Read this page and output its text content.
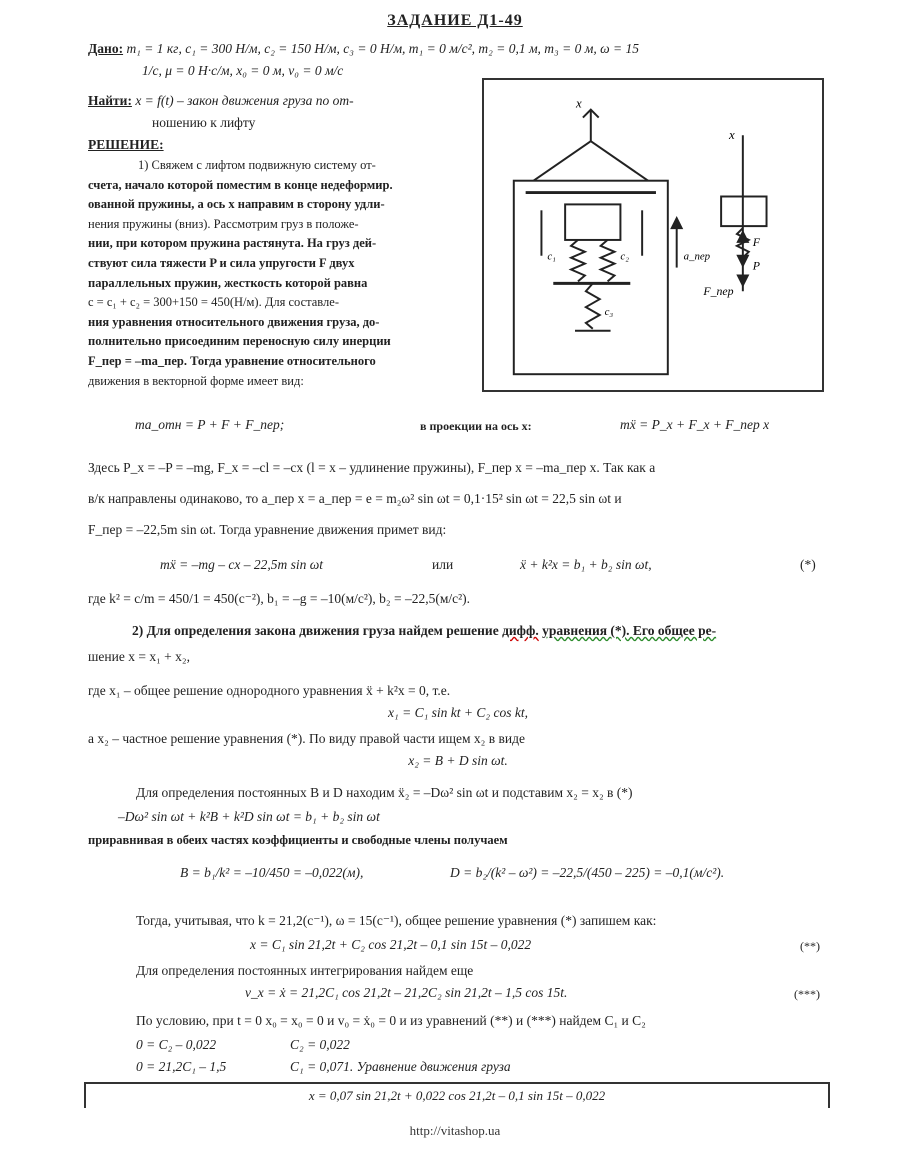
ЗАДАНИЕ Д1-49
Дано: m₁ = 1 кг, c₁ = 300 Н/м, c₂ = 150 Н/м, c₃ = 0 Н/м, m₁ = 0 м/с², m₂ = 0,1 м, m₃ = 0 м, ω = 15
1/с, μ = 0 Н·с/м, x₀ = 0 м, v₀ = 0 м/с
Найти: x = f(t) – закон движения груза по от-
ношению к лифту
РЕШЕНИЕ:
1) Свяжем с лифтом подвижную систему от-
счета, начало которой поместим в конце недеформир.
ованной пружины, а ось x направим в сторону удли-
нения пружины (вниз). Рассмотрим груз в положе-
нии, при котором пружина растянута. На груз дей-
ствуют сила тяжести P и сила упругости F двух
параллельных пружин, жесткость которой равна
c = c₁ + c₂ = 300+150 = 450(Н/м). Для составле-
ния уравнения относительного движения груза, до-
полнительно присоединим переносную силу инерции
F_пер = –ma_пер. Тогда уравнение относительного
движения в векторной форме имеет вид:
x
x
c₁	c₂
c₃
a_пер
F
P
F_пер
ma_отн = P + F + F_пер;	в проекции на ось x:	mẍ = P_x + F_x + F_пер x
Здесь P_x = –P = –mg, F_x = –cl = –cx (l = x – удлинение пружины), F_пер x = –ma_пер x. Так как а
в/к направлены одинаково, то a_пер x = a_пер = e = m₂ω² sin ωt = 0,1·15² sin ωt = 22,5 sin ωt и
F_пер = –22,5m sin ωt. Тогда уравнение движения примет вид:
mẍ = –mg – cx – 22,5m sin ωt	или	ẍ + k²x = b₁ + b₂ sin ωt,	(*)
где k² = c/m = 450/1 = 450(с⁻²), b₁ = –g = –10(м/с²), b₂ = –22,5(м/с²).
2) Для определения закона движения груза найдем решение дифф. уравнения (*). Его общее ре-
шение x = x₁ + x₂,
где x₁ – общее решение однородного уравнения ẍ + k²x = 0, т.е.
x₁ = C₁ sin kt + C₂ cos kt,
а x₂ – частное решение уравнения (*). По виду правой части ищем x₂ в виде
x₂ = B + D sin ωt.
Для определения постоянных B и D находим ẍ₂ = –Dω² sin ωt и подставим x₂ = x₂ в (*)
–Dω² sin ωt + k²B + k²D sin ωt = b₁ + b₂ sin ωt
приравнивая в обеих частях коэффициенты и свободные члены получаем
B = b₁/k² = –10/450 = –0,022(м),	D = b₂/(k² – ω²) = –22,5/(450 – 225) = –0,1(м/с²).
Тогда, учитывая, что k = 21,2(с⁻¹), ω = 15(с⁻¹), общее решение уравнения (*) запишем как:
x = C₁ sin 21,2t + C₂ cos 21,2t – 0,1 sin 15t – 0,022	(**)
Для определения постоянных интегрирования найдем еще
v_x = ẋ = 21,2C₁ cos 21,2t – 21,2C₂ sin 21,2t – 1,5 cos 15t.	(***)
По условию, при t = 0 x₀ = x₀ = 0 и v₀ = ẋ₀ = 0 и из уравнений (**) и (***) найдем C₁ и C₂
0 = C₂ – 0,022	C₂ = 0,022
0 = 21,2C₁ – 1,5	C₁ = 0,071. Уравнение движения груза
x = 0,07 sin 21,2t + 0,022 cos 21,2t – 0,1 sin 15t – 0,022
http://vitashop.ua
